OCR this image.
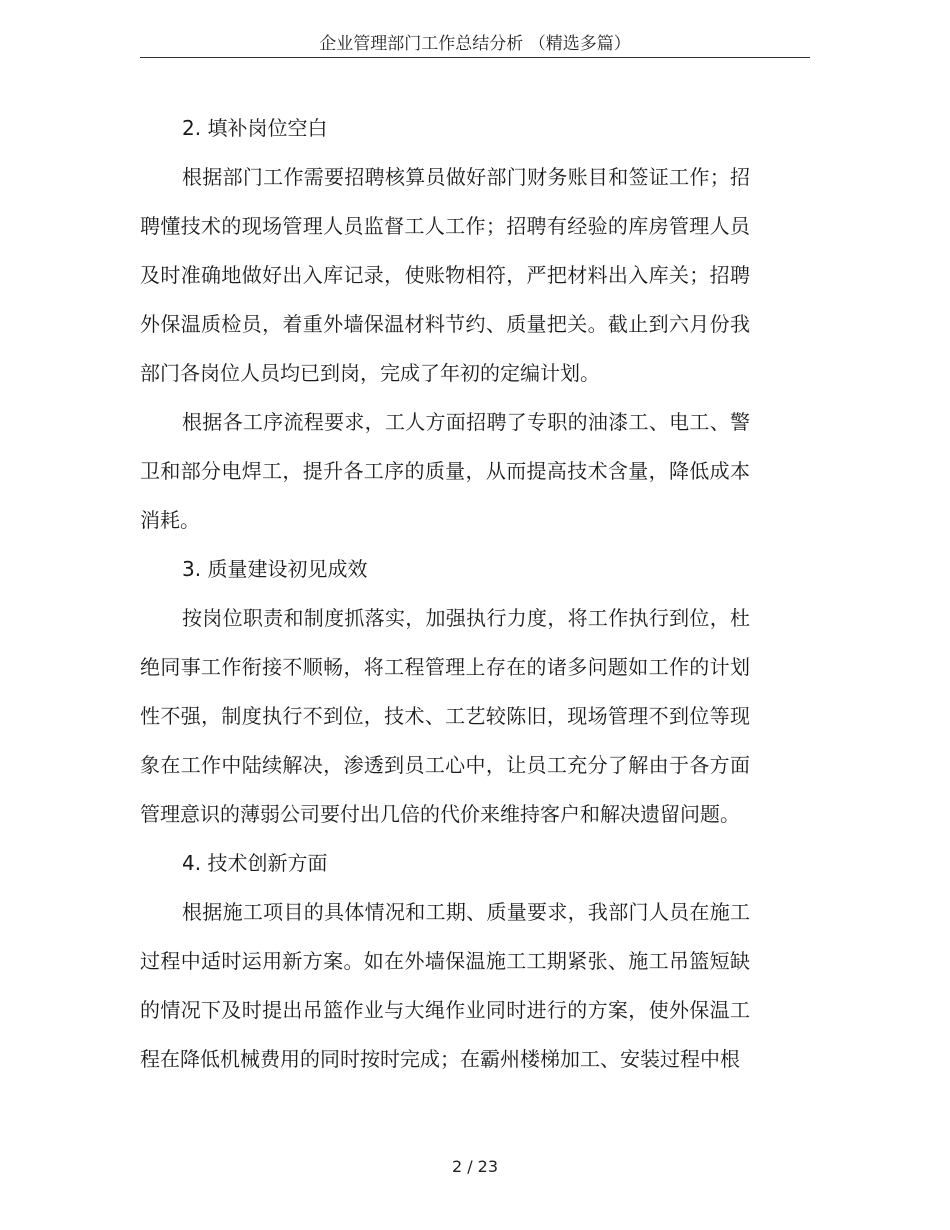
企业管理部门工作总结分析 （精选多篇）

2. 填补岗位空白

根据部门工作需要招聘核算员做好部门财务账目和签证工作；招聘懂技术的现场管理人员监督工人工作；招聘有经验的库房管理人员及时准确地做好出入库记录，使账物相符，严把材料出入库关；招聘外保温质检员，着重外墙保温材料节约、质量把关。截止到六月份我部门各岗位人员均已到岗，完成了年初的定编计划。

根据各工序流程要求，工人方面招聘了专职的油漆工、电工、警卫和部分电焊工，提升各工序的质量，从而提高技术含量，降低成本消耗。

3. 质量建设初见成效

按岗位职责和制度抓落实，加强执行力度，将工作执行到位，杜绝同事工作衔接不顺畅，将工程管理上存在的诸多问题如工作的计划性不强，制度执行不到位，技术、工艺较陈旧，现场管理不到位等现象在工作中陆续解决，渗透到员工心中，让员工充分了解由于各方面管理意识的薄弱公司要付出几倍的代价来维持客户和解决遗留问题。

4. 技术创新方面

根据施工项目的具体情况和工期、质量要求，我部门人员在施工过程中适时运用新方案。如在外墙保温施工工期紧张、施工吊篮短缺的情况下及时提出吊篮作业与大绳作业同时进行的方案，使外保温工程在降低机械费用的同时按时完成；在霸州楼梯加工、安装过程中根

2 / 23
